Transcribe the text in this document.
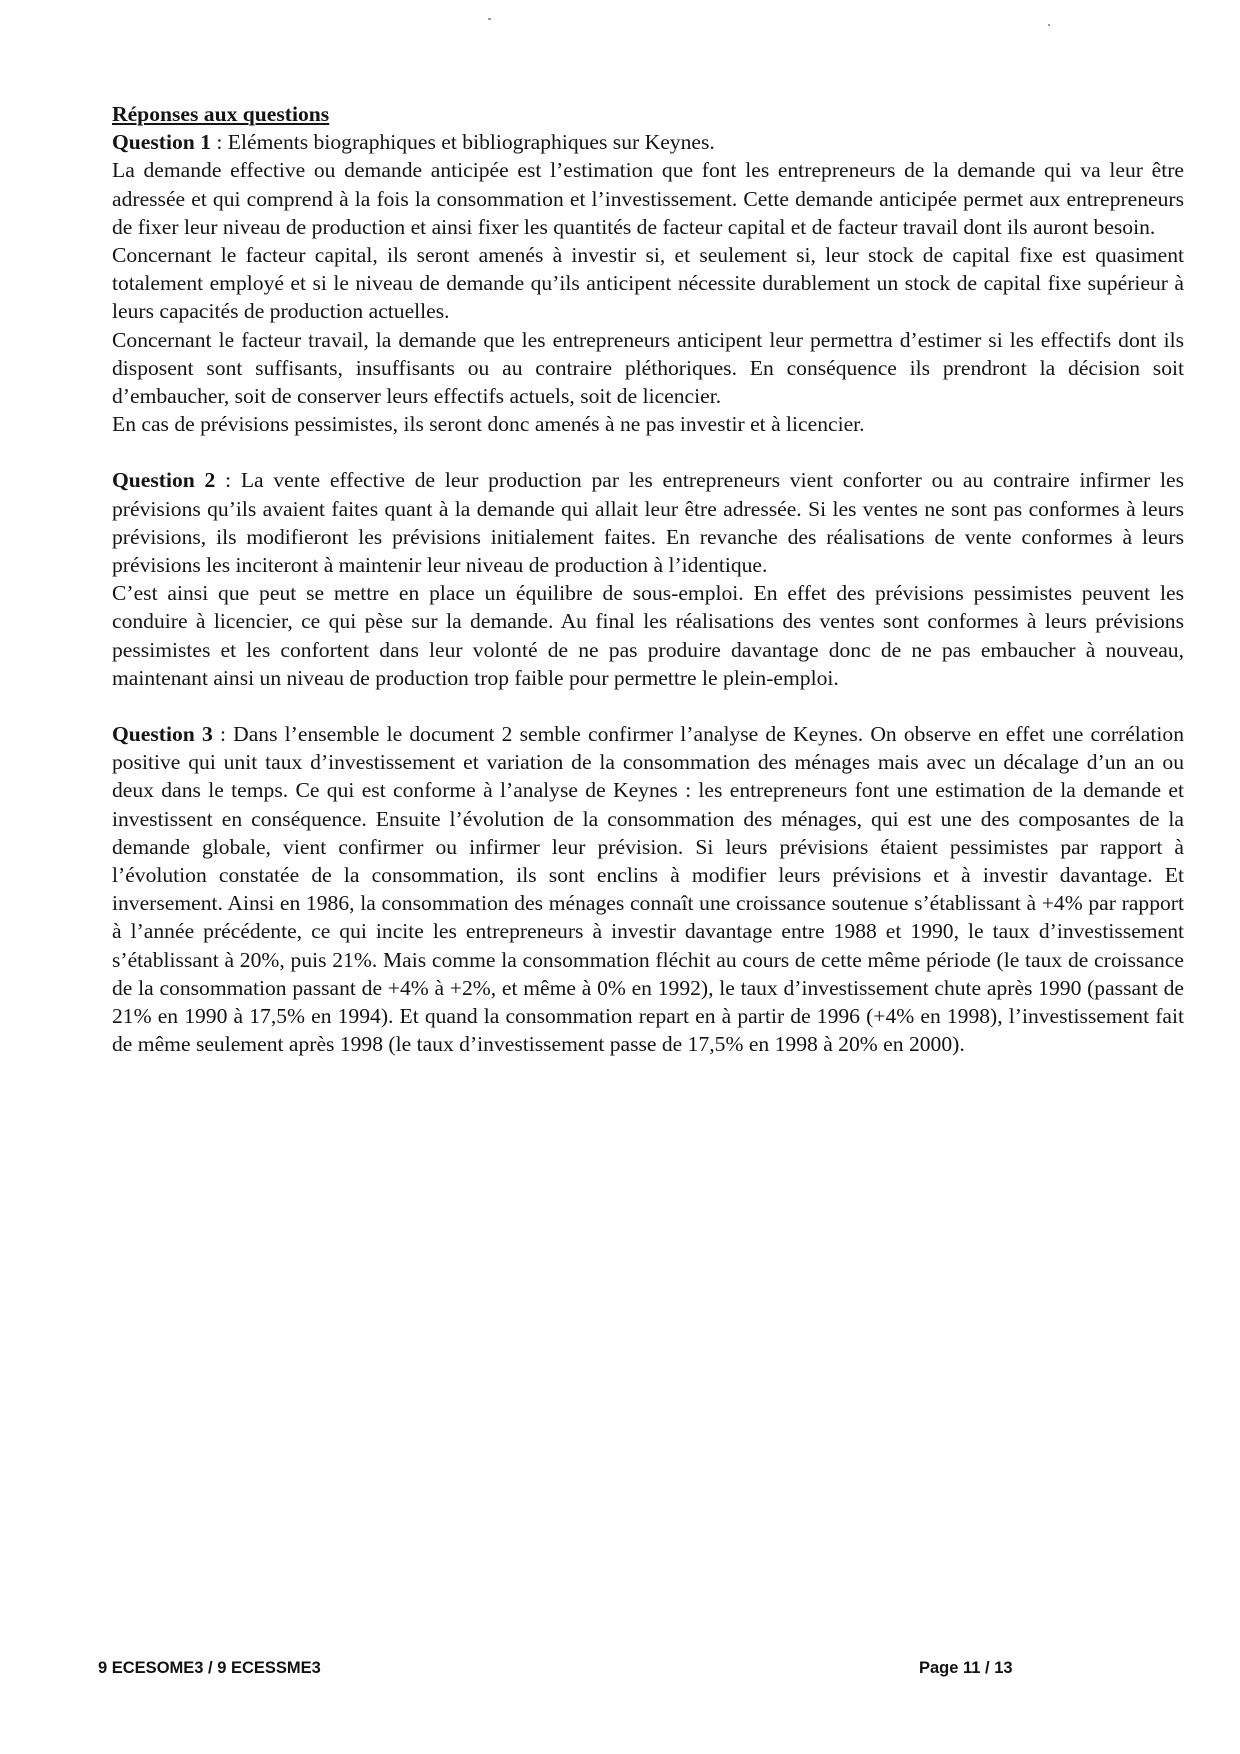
Réponses aux questions

Question 1 : Eléments biographiques et bibliographiques sur Keynes.

La demande effective ou demande anticipée est l’estimation que font les entrepreneurs de la demande qui va leur être adressée et qui comprend à la fois la consommation et l’investissement. Cette demande anticipée permet aux entrepreneurs de fixer leur niveau de production et ainsi fixer les quantités de facteur capital et de facteur travail dont ils auront besoin.

Concernant le facteur capital, ils seront amenés à investir si, et seulement si, leur stock de capital fixe est quasiment totalement employé et si le niveau de demande qu’ils anticipent nécessite durablement un stock de capital fixe supérieur à leurs capacités de production actuelles.

Concernant le facteur travail, la demande que les entrepreneurs anticipent leur permettra d’estimer si les effectifs dont ils disposent sont suffisants, insuffisants ou au contraire pléthoriques. En conséquence ils prendront la décision soit d’embaucher, soit de conserver leurs effectifs actuels, soit de licencier.

En cas de prévisions pessimistes, ils seront donc amenés à ne pas investir et à licencier.

Question 2 : La vente effective de leur production par les entrepreneurs vient conforter ou au contraire infirmer les prévisions qu’ils avaient faites quant à la demande qui allait leur être adressée. Si les ventes ne sont pas conformes à leurs prévisions, ils modifieront les prévisions initialement faites. En revanche des réalisations de vente conformes à leurs prévisions les inciteront à maintenir leur niveau de production à l’identique.

C’est ainsi que peut se mettre en place un équilibre de sous-emploi. En effet des prévisions pessimistes peuvent les conduire à licencier, ce qui pèse sur la demande. Au final les réalisations des ventes sont conformes à leurs prévisions pessimistes et les confortent dans leur volonté de ne pas produire davantage donc de ne pas embaucher à nouveau, maintenant ainsi un niveau de production trop faible pour permettre le plein-emploi.

Question 3 : Dans l’ensemble le document 2 semble confirmer l’analyse de Keynes. On observe en effet une corrélation positive qui unit taux d’investissement et variation de la consommation des ménages mais avec un décalage d’un an ou deux dans le temps. Ce qui est conforme à l’analyse de Keynes : les entrepreneurs font une estimation de la demande et investissent en conséquence. Ensuite l’évolution de la consommation des ménages, qui est une des composantes de la demande globale, vient confirmer ou infirmer leur prévision. Si leurs prévisions étaient pessimistes par rapport à l’évolution constatée de la consommation, ils sont enclins à modifier leurs prévisions et à investir davantage. Et inversement. Ainsi en 1986, la consommation des ménages connaît une croissance soutenue s’établissant à +4% par rapport à l’année précédente, ce qui incite les entrepreneurs à investir davantage entre 1988 et 1990, le taux d’investissement s’établissant à 20%, puis 21%. Mais comme la consommation fléchit au cours de cette même période (le taux de croissance de la consommation passant de +4% à +2%, et même à 0% en 1992), le taux d’investissement chute après 1990 (passant de 21% en 1990 à 17,5% en 1994). Et quand la consommation repart en à partir de 1996 (+4% en 1998), l’investissement fait de même seulement après 1998 (le taux d’investissement passe de 17,5% en 1998 à 20% en 2000).

9 ECESOME3 / 9 ECESSME3	Page 11 / 13
